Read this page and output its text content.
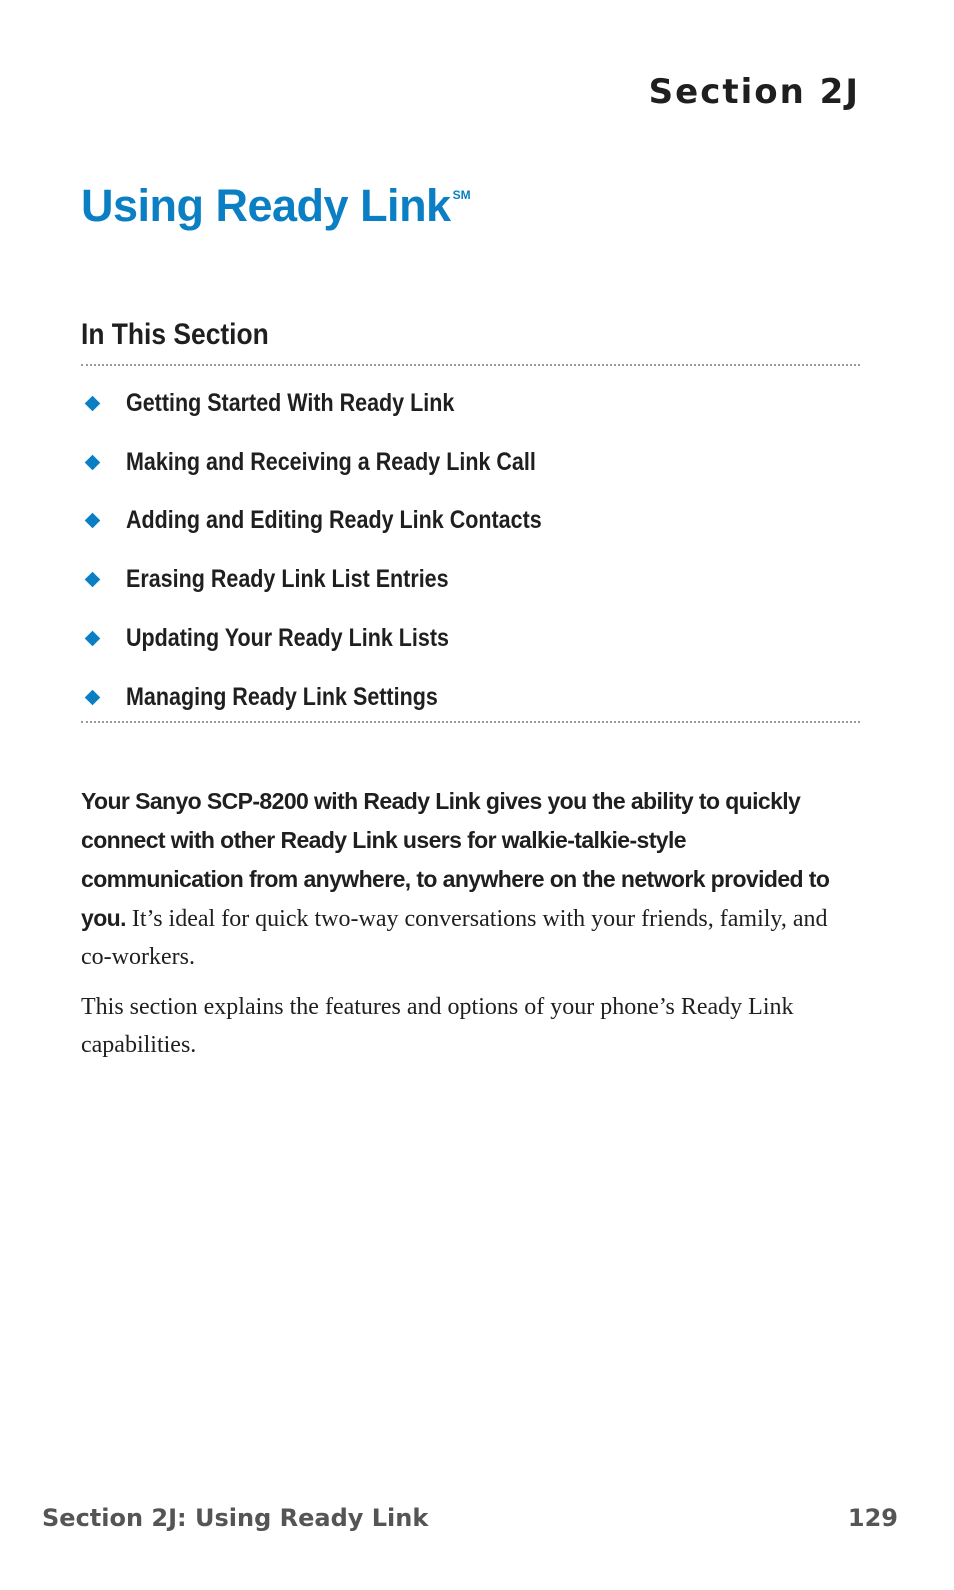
Section 2J
Using Ready Link ℠
In This Section
Getting Started With Ready Link
Making and Receiving a Ready Link Call
Adding and Editing Ready Link Contacts
Erasing Ready Link List Entries
Updating Your Ready Link Lists
Managing Ready Link Settings
Your Sanyo SCP-8200 with Ready Link gives you the ability to quickly connect with other Ready Link users for walkie-talkie-style communication from anywhere, to anywhere on the network provided to you. It’s ideal for quick two-way conversations with your friends, family, and co-workers.
This section explains the features and options of your phone’s Ready Link capabilities.
Section 2J: Using Ready Link	129
